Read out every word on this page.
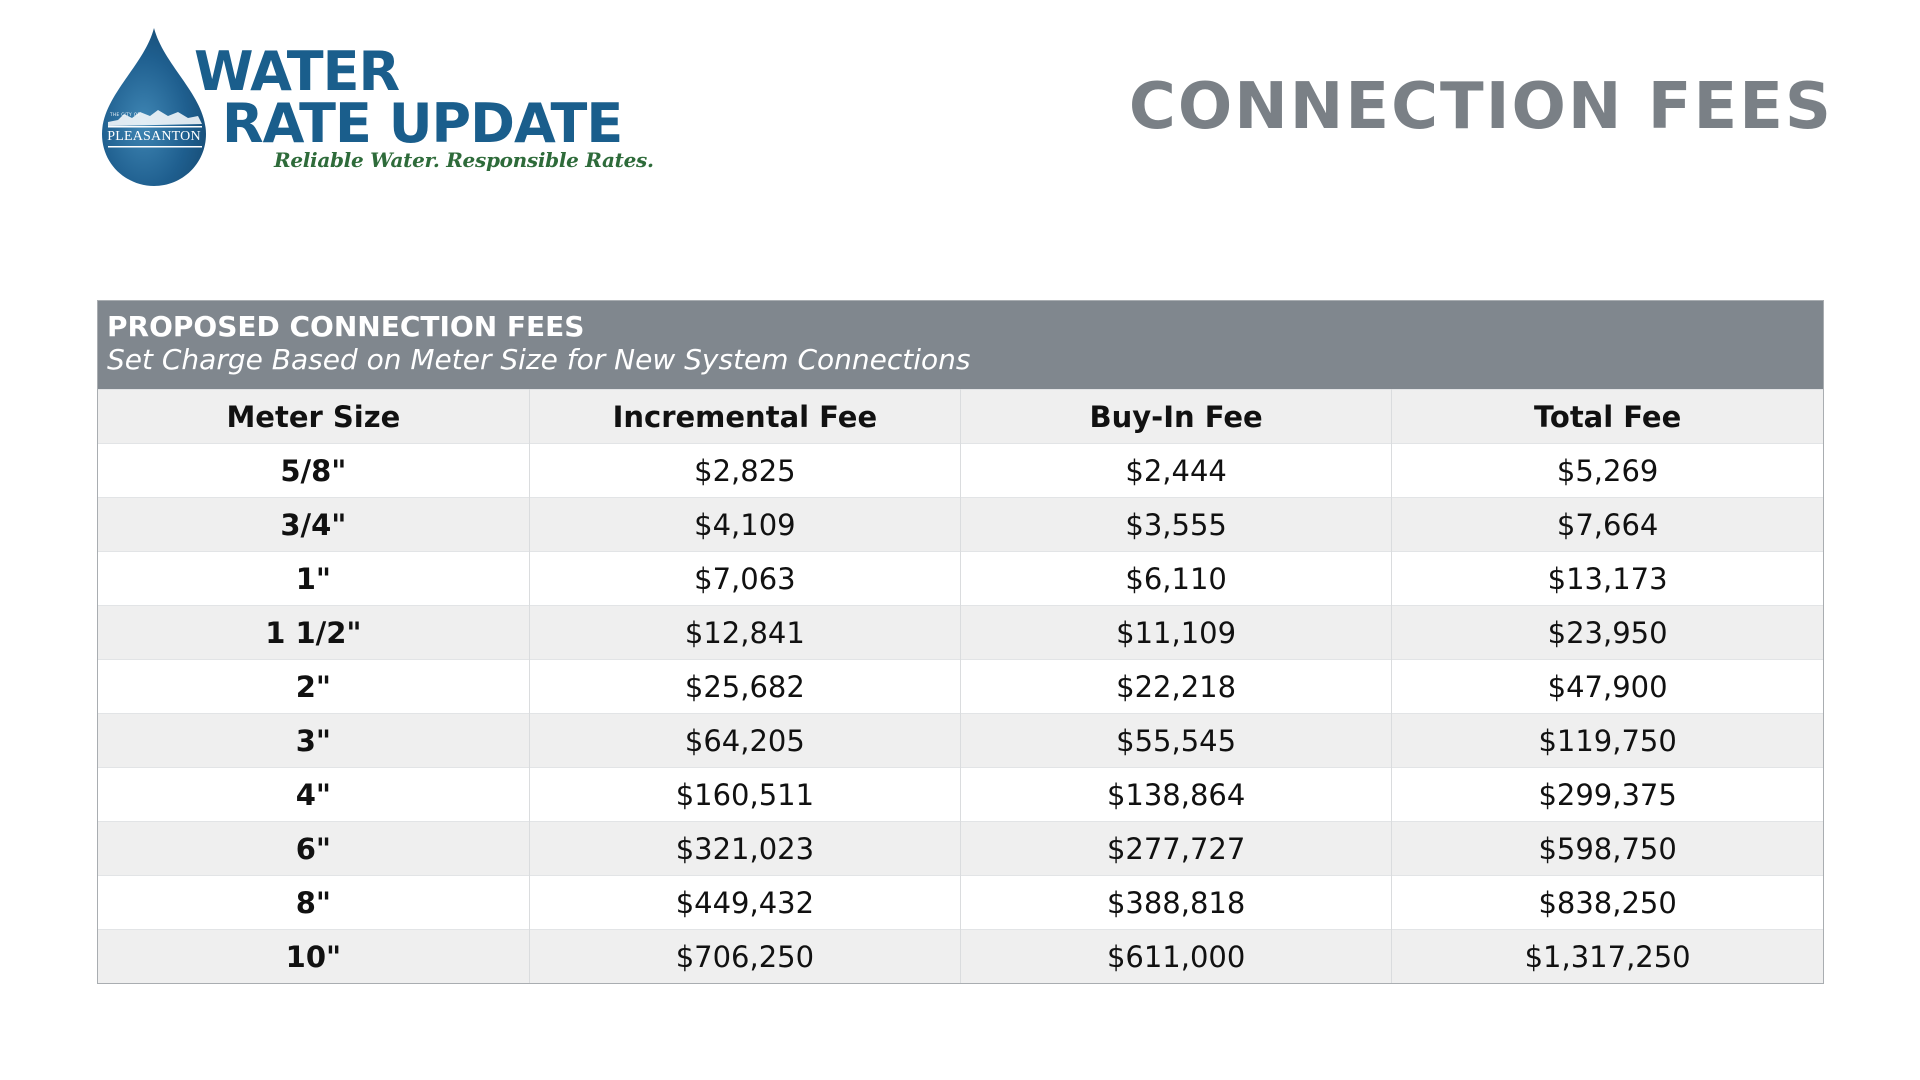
THE CITY OF
PLEASANTON
WATER
RATE UPDATE
Reliable Water. Responsible Rates.
CONNECTION FEES
PROPOSED CONNECTION FEES
Set Charge Based on Meter Size for New System Connections
Meter Size	Incremental Fee	Buy-In Fee	Total Fee
5/8"	$2,825	$2,444	$5,269
3/4"	$4,109	$3,555	$7,664
1"	$7,063	$6,110	$13,173
1 1/2"	$12,841	$11,109	$23,950
2"	$25,682	$22,218	$47,900
3"	$64,205	$55,545	$119,750
4"	$160,511	$138,864	$299,375
6"	$321,023	$277,727	$598,750
8"	$449,432	$388,818	$838,250
10"	$706,250	$611,000	$1,317,250
